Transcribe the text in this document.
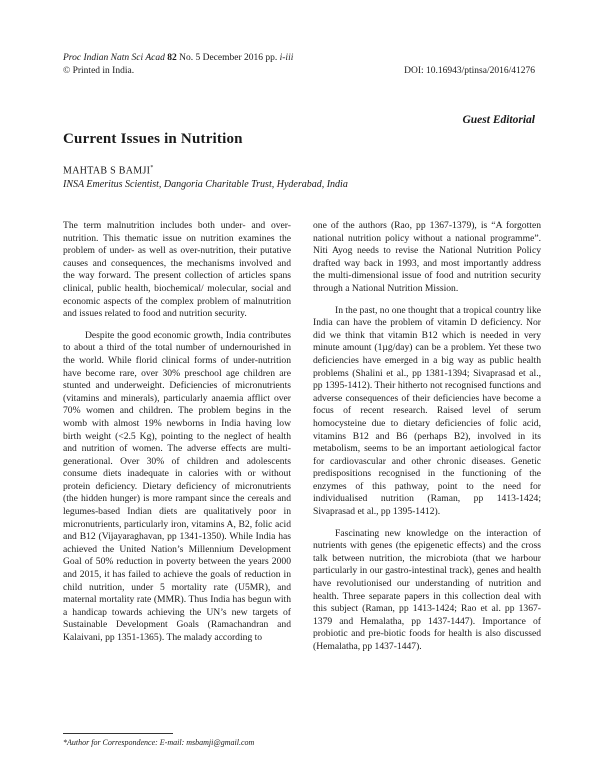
Proc Indian Natn Sci Acad 82 No. 5 December 2016 pp. i-iii
© Printed in India.	DOI: 10.16943/ptinsa/2016/41276
Guest Editorial
Current Issues in Nutrition
MAHTAB S BAMJI*
INSA Emeritus Scientist, Dangoria Charitable Trust, Hyderabad, India

The term malnutrition includes both under- and over-nutrition. This thematic issue on nutrition examines the problem of under- as well as over-nutrition, their putative causes and consequences, the mechanisms involved and the way forward. The present collection of articles spans clinical, public health, biochemical/ molecular, social and economic aspects of the complex problem of malnutrition and issues related to food and nutrition security.

Despite the good economic growth, India contributes to about a third of the total number of undernourished in the world. While florid clinical forms of under-nutrition have become rare, over 30% preschool age children are stunted and underweight. Deficiencies of micronutrients (vitamins and minerals), particularly anaemia afflict over 70% women and children. The problem begins in the womb with almost 19% newborns in India having low birth weight (<2.5 Kg), pointing to the neglect of health and nutrition of women. The adverse effects are multi-generational. Over 30% of children and adolescents consume diets inadequate in calories with or without protein deficiency. Dietary deficiency of micronutrients (the hidden hunger) is more rampant since the cereals and legumes-based Indian diets are qualitatively poor in micronutrients, particularly iron, vitamins A, B2, folic acid and B12 (Vijayaraghavan, pp 1341-1350). While India has achieved the United Nation’s Millennium Development Goal of 50% reduction in poverty between the years 2000 and 2015, it has failed to achieve the goals of reduction in child nutrition, under 5 mortality rate (U5MR), and maternal mortality rate (MMR). Thus India has begun with a handicap towards achieving the UN’s new targets of Sustainable Development Goals (Ramachandran and Kalaivani, pp 1351-1365). The malady according to

one of the authors (Rao, pp 1367-1379), is “A forgotten national nutrition policy without a national programme”. Niti Ayog needs to revise the National Nutrition Policy drafted way back in 1993, and most importantly address the multi-dimensional issue of food and nutrition security through a National Nutrition Mission.

In the past, no one thought that a tropical country like India can have the problem of vitamin D deficiency. Nor did we think that vitamin B12 which is needed in very minute amount (1µg/day) can be a problem. Yet these two deficiencies have emerged in a big way as public health problems (Shalini et al., pp 1381-1394; Sivaprasad et al., pp 1395-1412). Their hitherto not recognised functions and adverse consequences of their deficiencies have become a focus of recent research. Raised level of serum homocysteine due to dietary deficiencies of folic acid, vitamins B12 and B6 (perhaps B2), involved in its metabolism, seems to be an important aetiological factor for cardiovascular and other chronic diseases. Genetic predispositions recognised in the functioning of the enzymes of this pathway, point to the need for individualised nutrition (Raman, pp 1413-1424; Sivaprasad et al., pp 1395-1412).

Fascinating new knowledge on the interaction of nutrients with genes (the epigenetic effects) and the cross talk between nutrition, the microbiota (that we harbour particularly in our gastro-intestinal track), genes and health have revolutionised our understanding of nutrition and health. Three separate papers in this collection deal with this subject (Raman, pp 1413-1424; Rao et al. pp 1367-1379 and Hemalatha, pp 1437-1447). Importance of probiotic and pre-biotic foods for health is also discussed (Hemalatha, pp 1437-1447).

*Author for Correspondence: E-mail: msbamji@gmail.com
